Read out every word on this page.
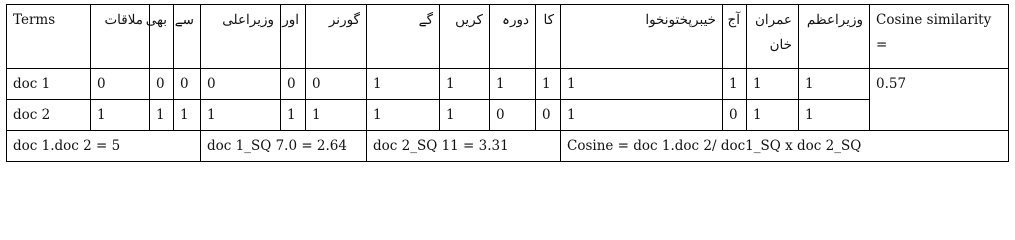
Terms	ملاقات	بھی	سے	وزیراعلی	اور	گورنر	گے	کریں	دورہ	کا	خیبرپختونخوا	آج	عمران خان	وزیراعظم	Cosine similarity =
doc 1	0	0	0	0	0	0	1	1	1	1	1	1	1	1	0.57
doc 2	1	1	1	1	1	1	1	1	0	0	1	0	1	1	
doc 1.doc 2 = 5				doc 1_SQ 7.0 = 2.64			doc 2_SQ 11 = 3.31				Cosine = doc 1.doc 2/ doc1_SQ x doc 2_SQ				
